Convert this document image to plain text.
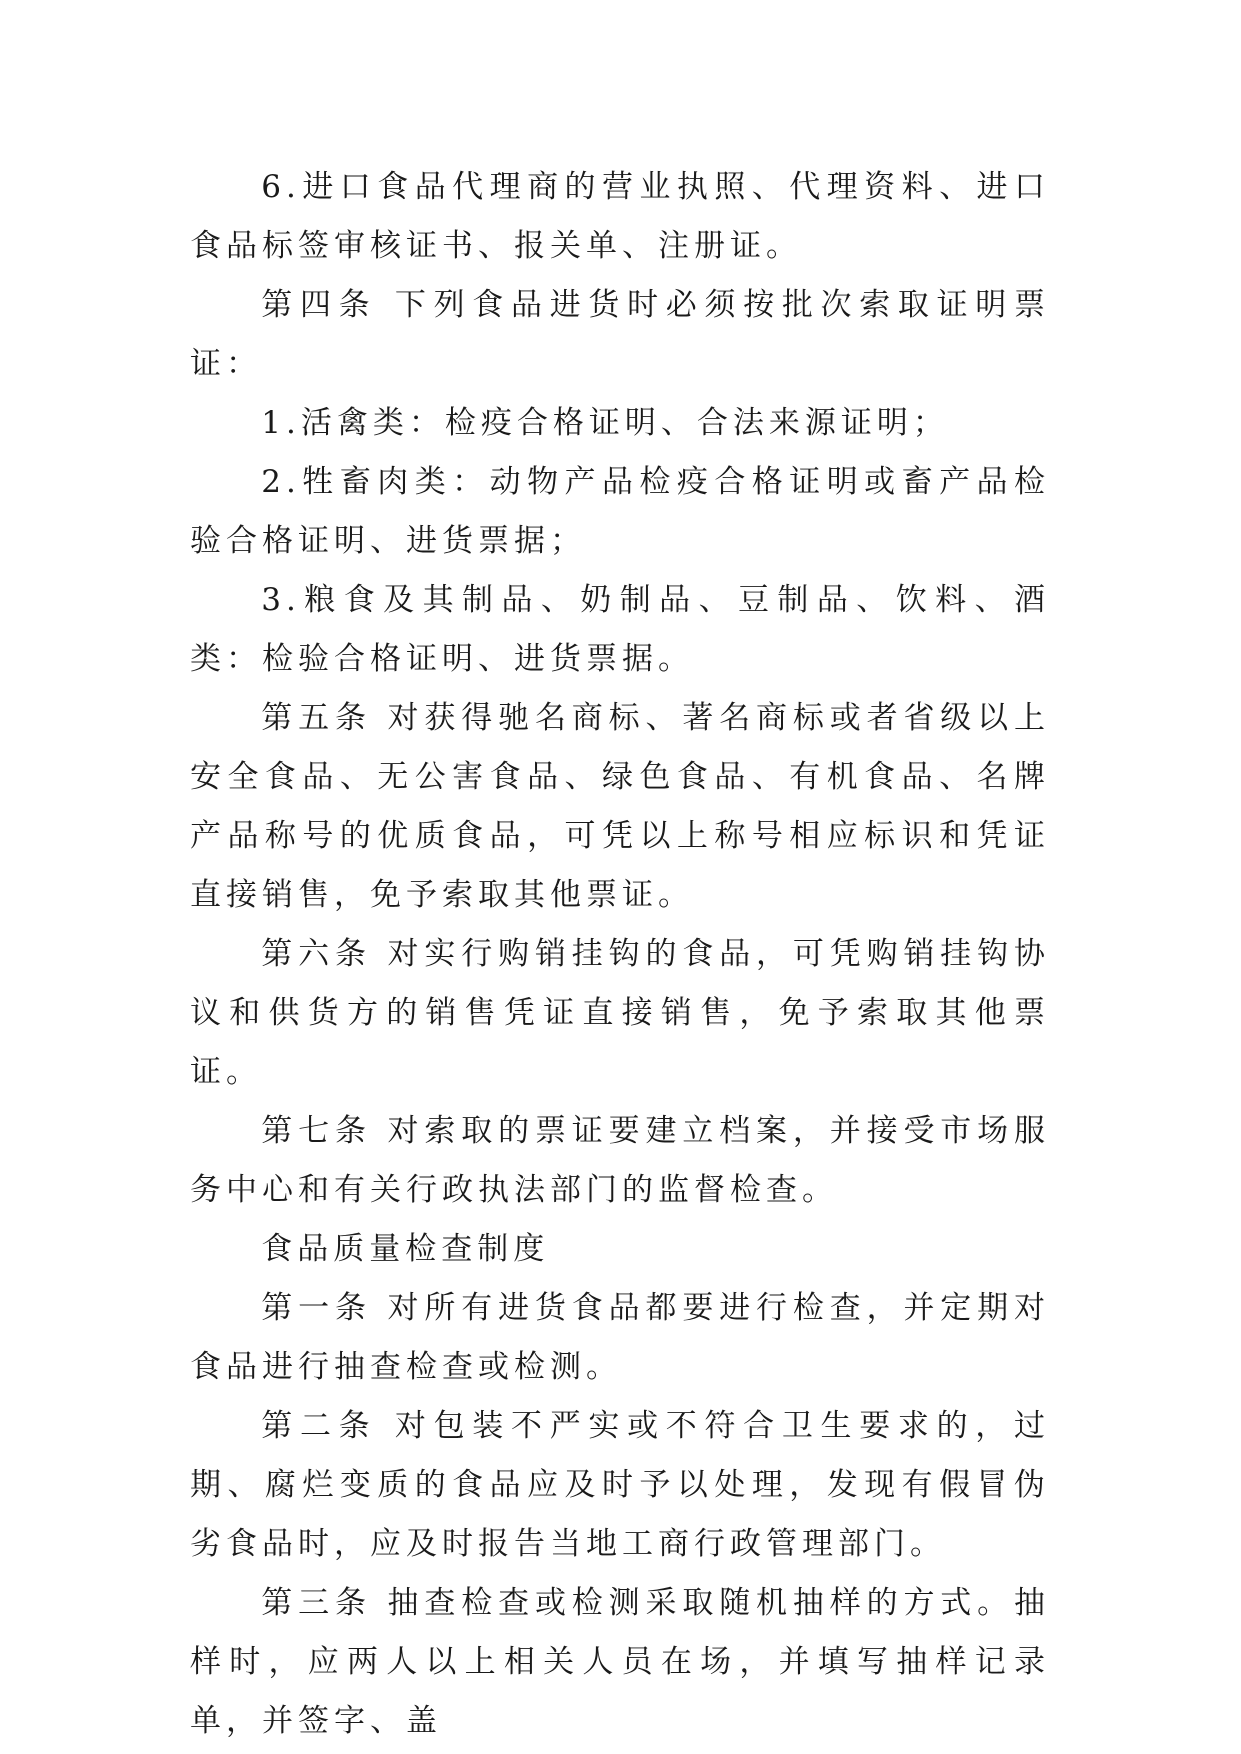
6.进口食品代理商的营业执照、代理资料、进口食品标签审核证书、报关单、注册证。

第四条 下列食品进货时必须按批次索取证明票证：

1.活禽类：检疫合格证明、合法来源证明；

2.牲畜肉类：动物产品检疫合格证明或畜产品检验合格证明、进货票据；

3.粮食及其制品、奶制品、豆制品、饮料、酒类：检验合格证明、进货票据。

第五条 对获得驰名商标、著名商标或者省级以上安全食品、无公害食品、绿色食品、有机食品、名牌产品称号的优质食品，可凭以上称号相应标识和凭证直接销售，免予索取其他票证。

第六条 对实行购销挂钩的食品，可凭购销挂钩协议和供货方的销售凭证直接销售，免予索取其他票证。

第七条 对索取的票证要建立档案，并接受市场服务中心和有关行政执法部门的监督检查。

食品质量检查制度

第一条 对所有进货食品都要进行检查，并定期对食品进行抽查检查或检测。

第二条 对包装不严实或不符合卫生要求的，过期、腐烂变质的食品应及时予以处理，发现有假冒伪劣食品时，应及时报告当地工商行政管理部门。

第三条 抽查检查或检测采取随机抽样的方式。抽样时，应两人以上相关人员在场，并填写抽样记录单，并签字、盖
